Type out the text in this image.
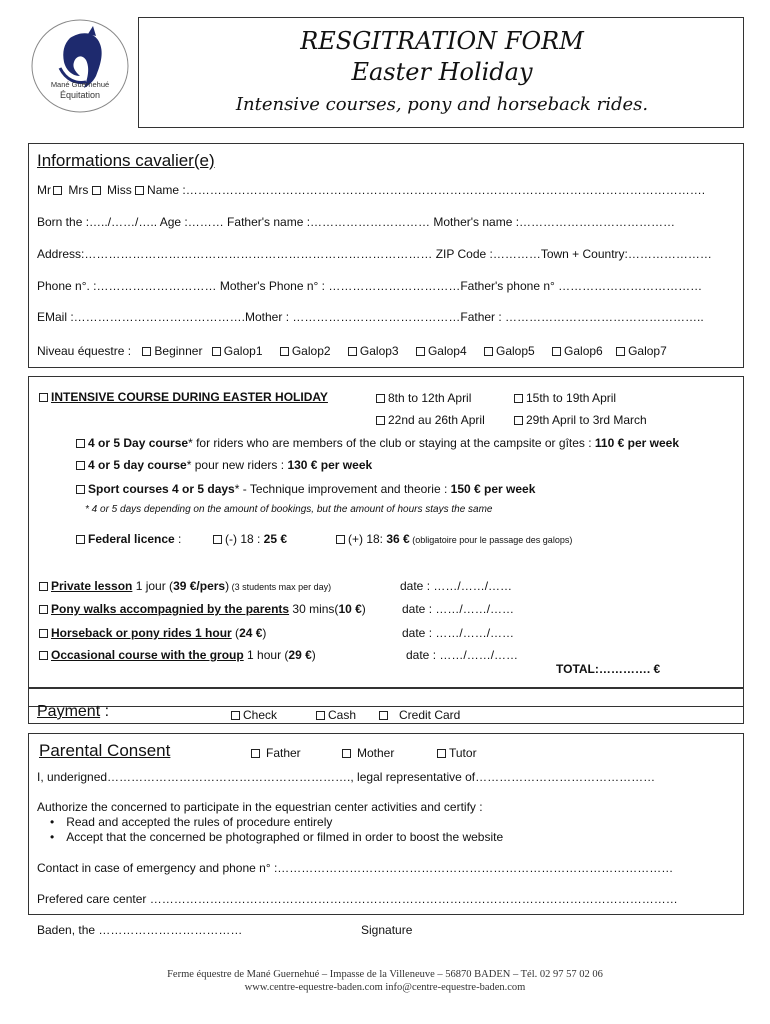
Mané Guernehué
Équitation
RESGITRATION FORM
Easter Holiday
Intensive courses, pony and horseback rides.
Informations cavalier(e)
Mr Mrs Miss Name :………………………………………………………………………………………………………………….
Born the :…../……/….. Age :……… Father's name :………………………… Mother's name :…………………………………
Address:…………………………………………………………………………… ZIP Code :…………Town + Country:…………………
Phone n°. :………………………… Mother's Phone n° : ……………………………Father's phone n° ………………………………
EMail :…………………………………….Mother : ……………………………………Father : …………………………………………..
Niveau équestre : Beginner Galop1 Galop2 Galop3 Galop4 Galop5 Galop6 Galop7
INTENSIVE COURSE DURING EASTER HOLIDAY	8th to 12th April	15th to 19th April
22nd au 26th April	29th April to 3rd March
4 or 5 Day course* for riders who are members of the club or staying at the campsite or gîtes : 110 € per week
4 or 5 day course* pour new riders : 130 € per week
Sport courses 4 or 5 days* - Technique improvement and theorie : 150 € per week
* 4 or 5 days depending on the amount of bookings, but the amount of hours stays the same
Federal licence :	(-) 18 : 25 €	(+) 18: 36 € (obligatoire pour le passage des galops)
Private lesson 1 jour (39 €/pers) (3 students max per day)	date : ……/……/……
Pony walks accompagnied by the parents 30 mins(10 €)	date : ……/……/……
Horseback or pony rides 1 hour (24 €)	date : ……/……/……
Occasional course with the group 1 hour (29 €)	date : ……/……/……
TOTAL:…………. €
Payment :	Check	Cash	Credit Card
Parental Consent	Father	Mother	Tutor
I, underigned……………………………………………………., legal representative of………………………………………
Authorize the concerned to participate in the equestrian center activities and certify :
• Read and accepted the rules of procedure entirely
• Accept that the concerned be photographed or filmed in order to boost the website
Contact in case of emergency and phone n° :………………………………………………………………………………………
Prefered care center ……………………………………………………………………………………………………………………
Baden, the ………………………………	Signature
Ferme équestre de Mané Guernehué – Impasse de la Villeneuve – 56870 BADEN – Tél. 02 97 57 02 06
www.centre-equestre-baden.com info@centre-equestre-baden.com
